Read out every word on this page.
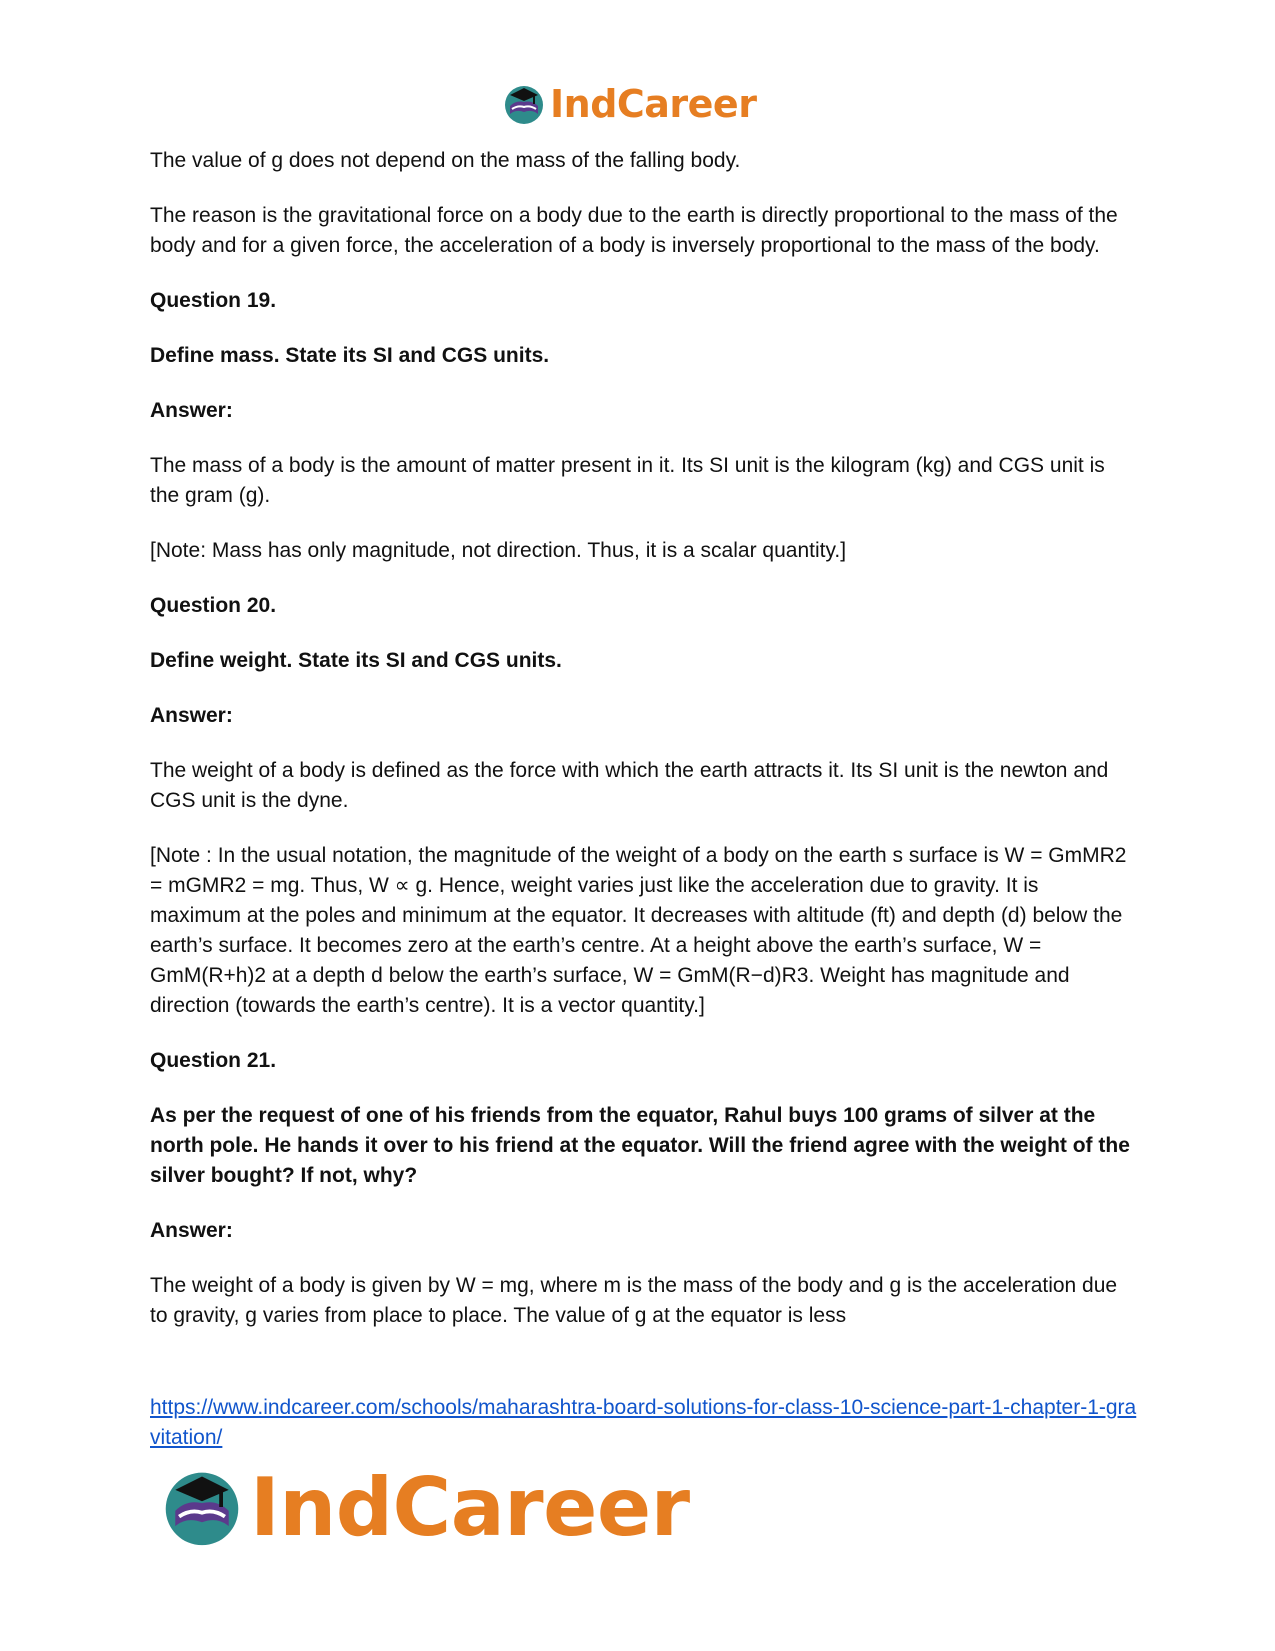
IndCareer

The value of g does not depend on the mass of the falling body.

The reason is the gravitational force on a body due to the earth is directly proportional to the mass of the body and for a given force, the acceleration of a body is inversely proportional to the mass of the body.

Question 19.

Define mass. State its SI and CGS units.

Answer:

The mass of a body is the amount of matter present in it. Its SI unit is the kilogram (kg) and CGS unit is the gram (g).

[Note: Mass has only magnitude, not direction. Thus, it is a scalar quantity.]

Question 20.

Define weight. State its SI and CGS units.

Answer:

The weight of a body is defined as the force with which the earth attracts it. Its SI unit is the newton and CGS unit is the dyne.

[Note : In the usual notation, the magnitude of the weight of a body on the earth s surface is W = GmMR2 = mGMR2 = mg. Thus, W ∝ g. Hence, weight varies just like the acceleration due to gravity. It is maximum at the poles and minimum at the equator. It decreases with altitude (ft) and depth (d) below the earth’s surface. It becomes zero at the earth’s centre. At a height above the earth’s surface, W = GmM(R+h)2 at a depth d below the earth’s surface, W = GmM(R−d)R3. Weight has magnitude and direction (towards the earth’s centre). It is a vector quantity.]

Question 21.

As per the request of one of his friends from the equator, Rahul buys 100 grams of silver at the north pole. He hands it over to his friend at the equator. Will the friend agree with the weight of the silver bought? If not, why?

Answer:

The weight of a body is given by W = mg, where m is the mass of the body and g is the acceleration due to gravity, g varies from place to place. The value of g at the equator is less

https://www.indcareer.com/schools/maharashtra-board-solutions-for-class-10-science-part-1-chapter-1-gravitation/
IndCareer
